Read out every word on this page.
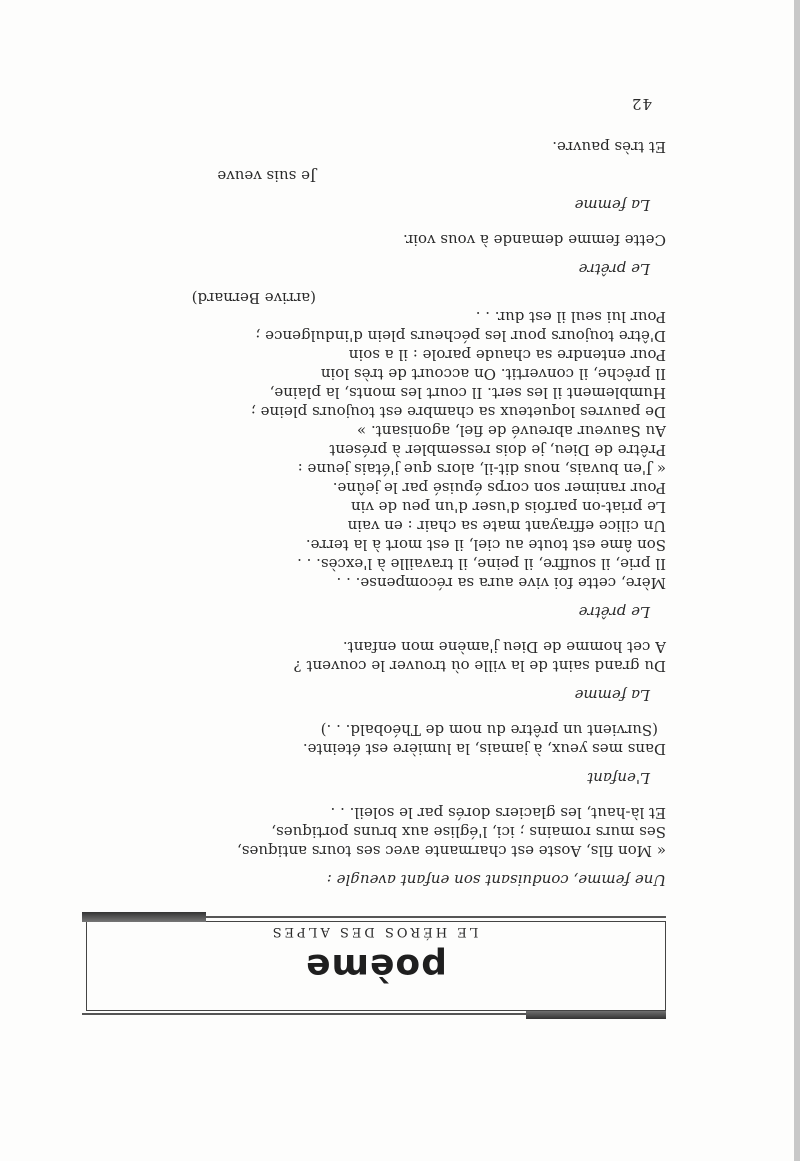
poème
LE HÉROS DES ALPES

Une femme, conduisant son enfant aveugle :

« Mon fils, Aoste est charmante avec ses tours antiques,

Ses murs romains ; ici, l'église aux bruns portiques,

Et là-haut, les glaciers dorés par le soleil. . .

L'enfant

Dans mes yeux, à jamais, la lumière est éteinte.

(Survient un prêtre du nom de Théobald. . .)

La femme

Du grand saint de la ville où trouver le couvent ?

A cet homme de Dieu j'amène mon enfant.

Le prêtre

Mère, cette foi vive aura sa récompense. . .

Il prie, il souffre, il peine, il travaille à l'excès. . .

Son âme est toute au ciel, il est mort à la terre.

Un cilice effrayant mate sa chair : en vain

Le priat-on parfois d'user d'un peu de vin

Pour ranimer son corps épuisé par le jeûne.

« J'en buvais, nous dit-il, alors que j'étais jeune :

Prêtre de Dieu, je dois ressembler à présent

Au Sauveur abreuvé de fiel, agonisant. »

De pauvres loqueteux sa chambre est toujours pleine ;

Humblement il les sert. Il court les monts, la plaine,

Il prêche, il convertit. On accourt de très loin

Pour entendre sa chaude parole : il a soin

D'être toujours pour les pécheurs plein d'indulgence ;

Pour lui seul il est dur. . .

(arrive Bernard)

Le prêtre

Cette femme demande à vous voir.

La femme

Je suis veuve

Et très pauvre.

42
